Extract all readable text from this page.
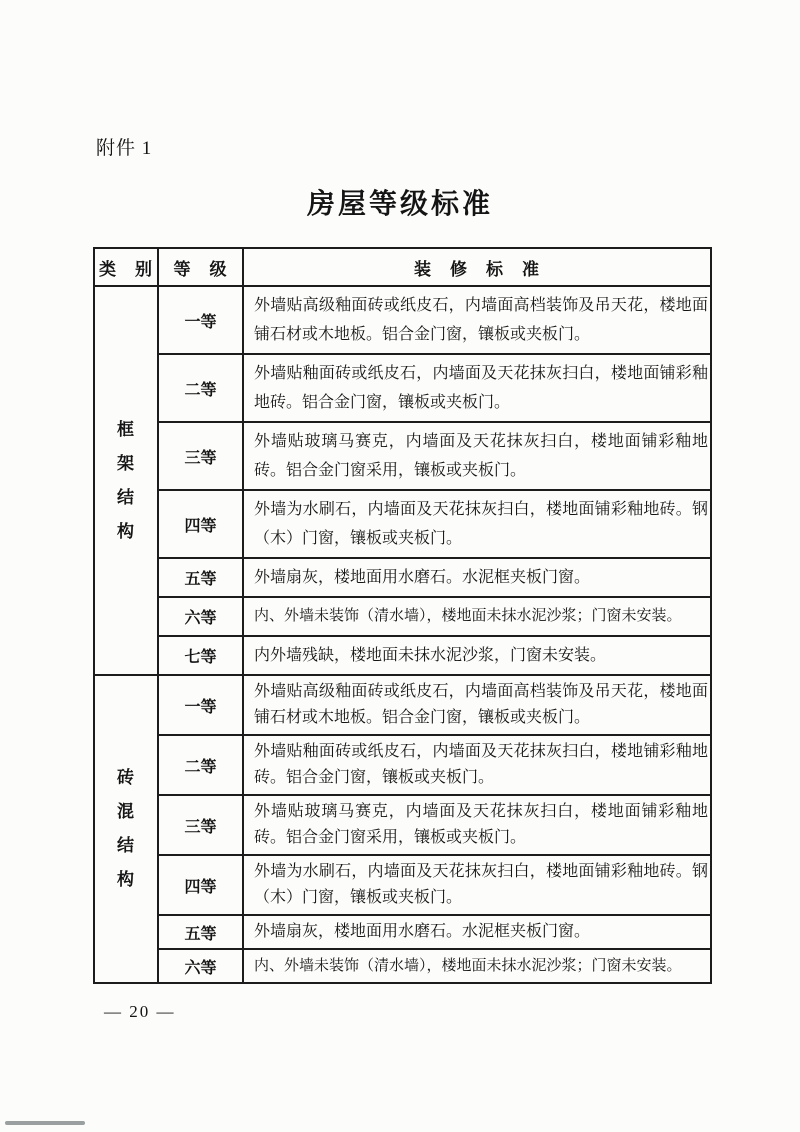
附件 1
房屋等级标准
类　别	等　级	装　修　标　准
框架结构	一等	外墙贴高级釉面砖或纸皮石，内墙面高档装饰及吊天花，楼地面铺石材或木地板。铝合金门窗，镶板或夹板门。
	二等	外墙贴釉面砖或纸皮石，内墙面及天花抹灰扫白，楼地面铺彩釉地砖。铝合金门窗，镶板或夹板门。
	三等	外墙贴玻璃马赛克，内墙面及天花抹灰扫白，楼地面铺彩釉地砖。铝合金门窗采用，镶板或夹板门。
	四等	外墙为水刷石，内墙面及天花抹灰扫白，楼地面铺彩釉地砖。钢（木）门窗，镶板或夹板门。
	五等	外墙扇灰，楼地面用水磨石。水泥框夹板门窗。
	六等	内、外墙未装饰（清水墙），楼地面未抹水泥沙浆；门窗未安装。
	七等	内外墙残缺，楼地面未抹水泥沙浆，门窗未安装。
砖混结构	一等	外墙贴高级釉面砖或纸皮石，内墙面高档装饰及吊天花，楼地面铺石材或木地板。铝合金门窗，镶板或夹板门。
	二等	外墙贴釉面砖或纸皮石，内墙面及天花抹灰扫白，楼地铺彩釉地砖。铝合金门窗，镶板或夹板门。
	三等	外墙贴玻璃马赛克，内墙面及天花抹灰扫白，楼地面铺彩釉地砖。铝合金门窗采用，镶板或夹板门。
	四等	外墙为水刷石，内墙面及天花抹灰扫白，楼地面铺彩釉地砖。钢（木）门窗，镶板或夹板门。
	五等	外墙扇灰，楼地面用水磨石。水泥框夹板门窗。
	六等	内、外墙未装饰（清水墙），楼地面未抹水泥沙浆；门窗未安装。
— 20 —
